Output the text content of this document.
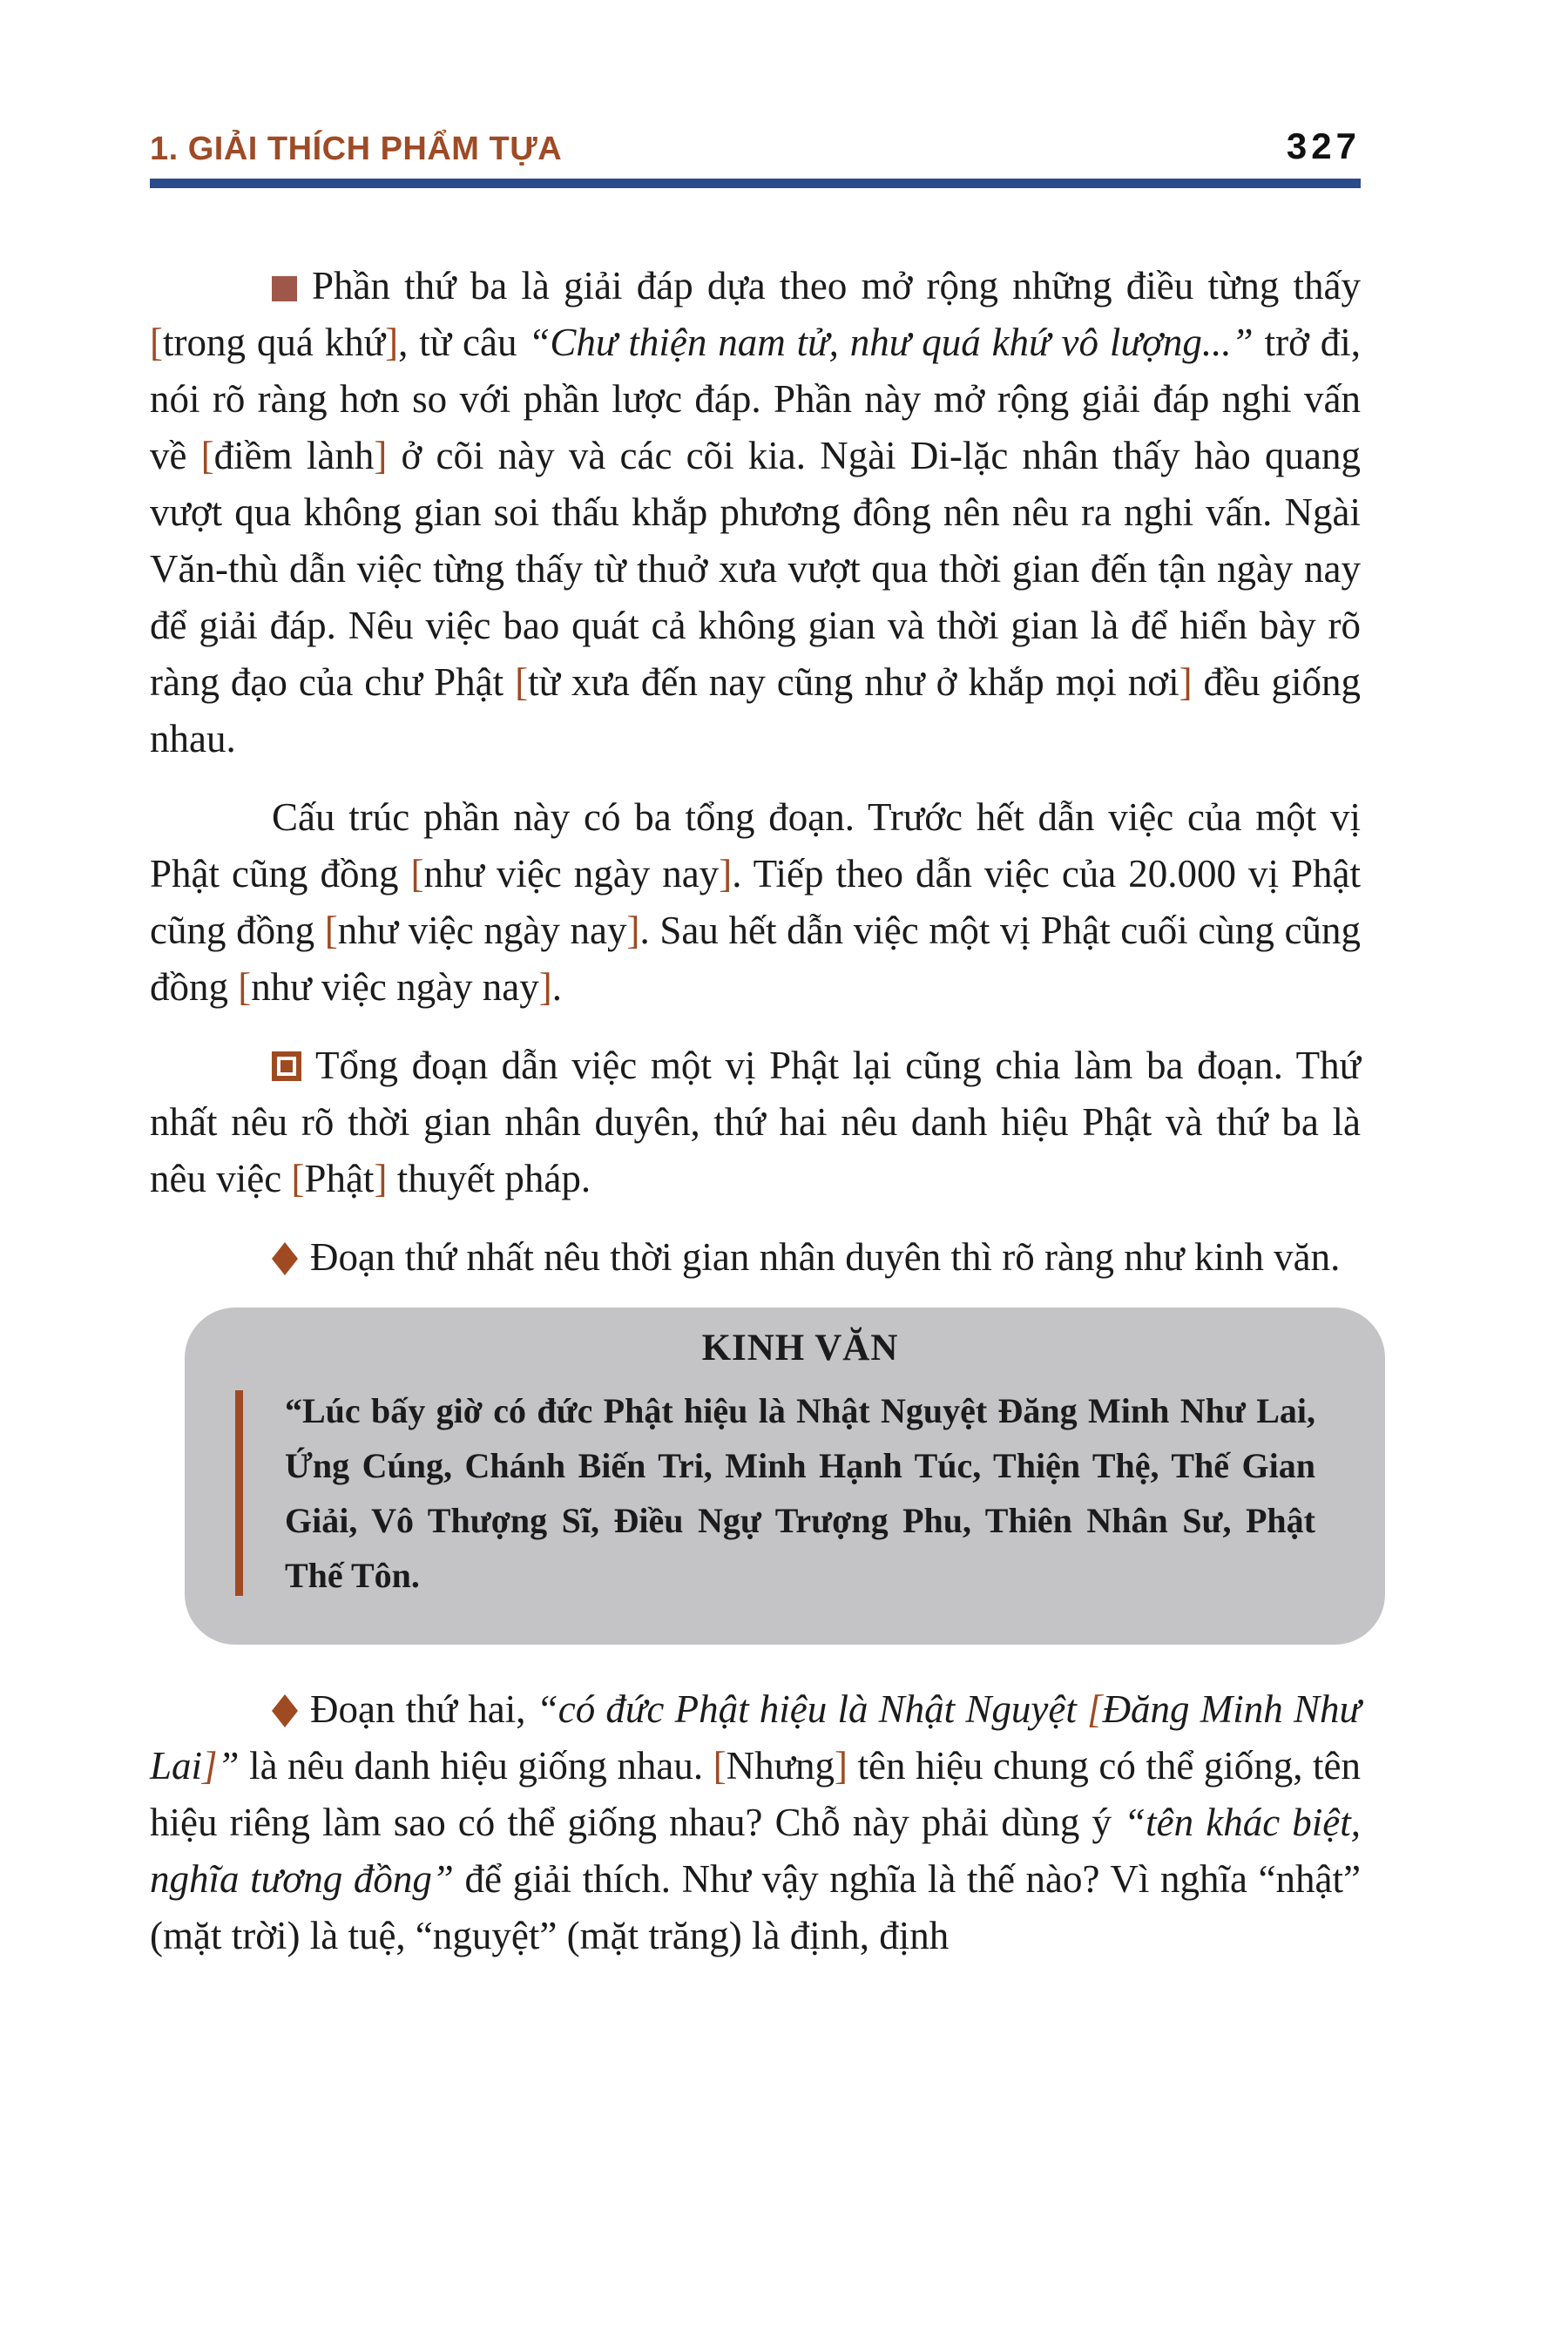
1. GIẢI THÍCH PHẨM TỰA	327

Phần thứ ba là giải đáp dựa theo mở rộng những điều từng thấy [trong quá khứ], từ câu “Chư thiện nam tử, như quá khứ vô lượng...” trở đi, nói rõ ràng hơn so với phần lược đáp. Phần này mở rộng giải đáp nghi vấn về [điềm lành] ở cõi này và các cõi kia. Ngài Di-lặc nhân thấy hào quang vượt qua không gian soi thấu khắp phương đông nên nêu ra nghi vấn. Ngài Văn-thù dẫn việc từng thấy từ thuở xưa vượt qua thời gian đến tận ngày nay để giải đáp. Nêu việc bao quát cả không gian và thời gian là để hiển bày rõ ràng đạo của chư Phật [từ xưa đến nay cũng như ở khắp mọi nơi] đều giống nhau.

Cấu trúc phần này có ba tổng đoạn. Trước hết dẫn việc của một vị Phật cũng đồng [như việc ngày nay]. Tiếp theo dẫn việc của 20.000 vị Phật cũng đồng [như việc ngày nay]. Sau hết dẫn việc một vị Phật cuối cùng cũng đồng [như việc ngày nay].

Tổng đoạn dẫn việc một vị Phật lại cũng chia làm ba đoạn. Thứ nhất nêu rõ thời gian nhân duyên, thứ hai nêu danh hiệu Phật và thứ ba là nêu việc [Phật] thuyết pháp.

Đoạn thứ nhất nêu thời gian nhân duyên thì rõ ràng như kinh văn.

KINH VĂN
“Lúc bấy giờ có đức Phật hiệu là Nhật Nguyệt Đăng Minh Như Lai, Ứng Cúng, Chánh Biến Tri, Minh Hạnh Túc, Thiện Thệ, Thế Gian Giải, Vô Thượng Sĩ, Điều Ngự Trượng Phu, Thiên Nhân Sư, Phật Thế Tôn.

Đoạn thứ hai, “có đức Phật hiệu là Nhật Nguyệt [Đăng Minh Như Lai]” là nêu danh hiệu giống nhau. [Nhưng] tên hiệu chung có thể giống, tên hiệu riêng làm sao có thể giống nhau? Chỗ này phải dùng ý “tên khác biệt, nghĩa tương đồng” để giải thích. Như vậy nghĩa là thế nào? Vì nghĩa “nhật” (mặt trời) là tuệ, “nguyệt” (mặt trăng) là định, định
